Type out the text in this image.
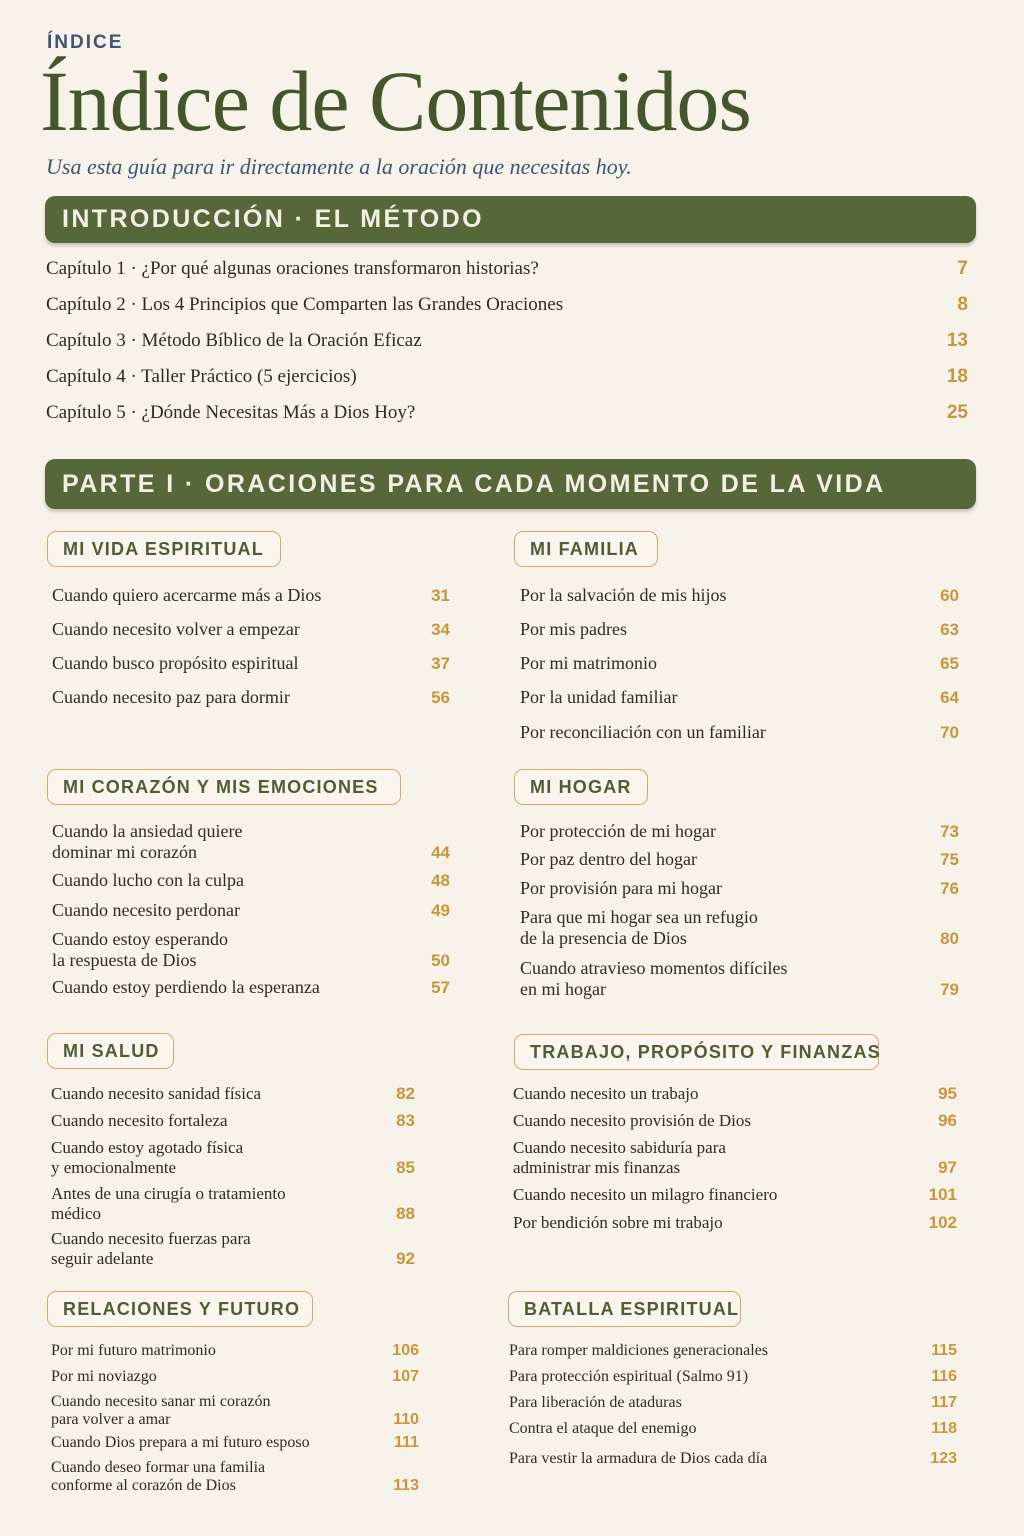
ÍNDICE
Índice de Contenidos
Usa esta guía para ir directamente a la oración que necesitas hoy.
INTRODUCCIÓN · EL MÉTODO
Capítulo 1 · ¿Por qué algunas oraciones transformaron historias?	7
Capítulo 2 · Los 4 Principios que Comparten las Grandes Oraciones	8
Capítulo 3 · Método Bíblico de la Oración Eficaz	13
Capítulo 4 · Taller Práctico (5 ejercicios)	18
Capítulo 5 · ¿Dónde Necesitas Más a Dios Hoy?	25
PARTE I · ORACIONES PARA CADA MOMENTO DE LA VIDA
MI VIDA ESPIRITUAL
Cuando quiero acercarme más a Dios	31
Cuando necesito volver a empezar	34
Cuando busco propósito espiritual	37
Cuando necesito paz para dormir	56
MI FAMILIA
Por la salvación de mis hijos	60
Por mis padres	63
Por mi matrimonio	65
Por la unidad familiar	64
Por reconciliación con un familiar	70
MI CORAZÓN Y MIS EMOCIONES
Cuando la ansiedad quiere
dominar mi corazón	44
Cuando lucho con la culpa	48
Cuando necesito perdonar	49
Cuando estoy esperando
la respuesta de Dios	50
Cuando estoy perdiendo la esperanza	57
MI HOGAR
Por protección de mi hogar	73
Por paz dentro del hogar	75
Por provisión para mi hogar	76
Para que mi hogar sea un refugio
de la presencia de Dios	80
Cuando atravieso momentos difíciles
en mi hogar	79
MI SALUD
Cuando necesito sanidad física	82
Cuando necesito fortaleza	83
Cuando estoy agotado física
y emocionalmente	85
Antes de una cirugía o tratamiento
médico	88
Cuando necesito fuerzas para
seguir adelante	92
TRABAJO, PROPÓSITO Y FINANZAS
Cuando necesito un trabajo	95
Cuando necesito provisión de Dios	96
Cuando necesito sabiduría para
administrar mis finanzas	97
Cuando necesito un milagro financiero	101
Por bendición sobre mi trabajo	102
RELACIONES Y FUTURO
Por mi futuro matrimonio	106
Por mi noviazgo	107
Cuando necesito sanar mi corazón
para volver a amar	110
Cuando Dios prepara a mi futuro esposo	111
Cuando deseo formar una familia
conforme al corazón de Dios	113
BATALLA ESPIRITUAL
Para romper maldiciones generacionales	115
Para protección espiritual (Salmo 91)	116
Para liberación de ataduras	117
Contra el ataque del enemigo	118
Para vestir la armadura de Dios cada día	123
